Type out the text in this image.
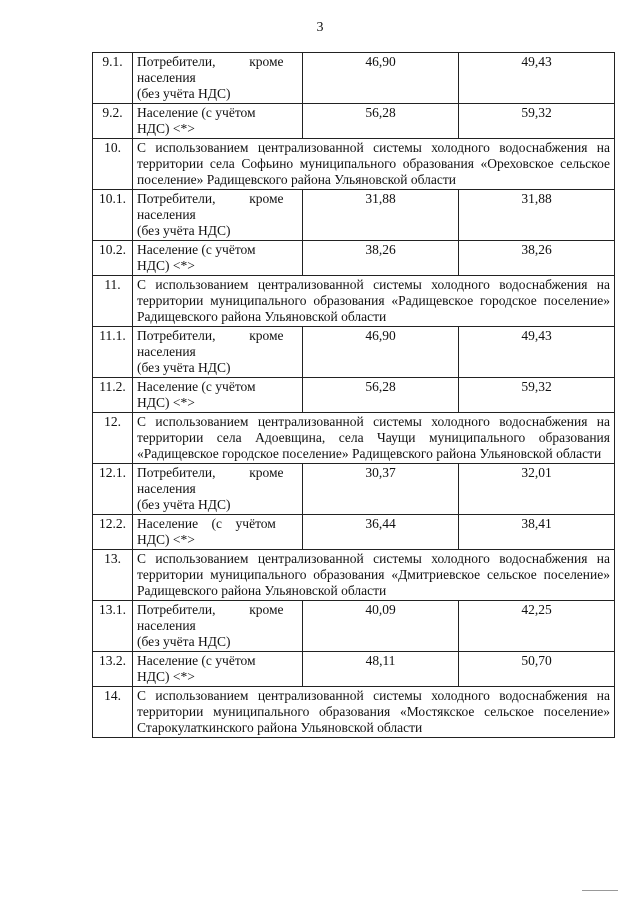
3
9.1.	Потребители,          кроме
населения
(без учёта НДС)	46,90	49,43
9.2.	Население (с учётом
НДС) <*>	56,28	59,32
10.	С использованием централизованной системы холодного водоснабжения на территории села Софьино муниципального образования «Ореховское сельское поселение» Радищевского района Ульяновской области		
10.1.	Потребители,          кроме
населения
(без учёта НДС)	31,88	31,88
10.2.	Население (с учётом
НДС) <*>	38,26	38,26
11.	С использованием централизованной системы холодного водоснабжения на территории муниципального образования «Радищевское городское поселение» Радищевского района Ульяновской области		
11.1.	Потребители,          кроме
населения
(без учёта НДС)	46,90	49,43
11.2.	Население (с учётом
НДС) <*>	56,28	59,32
12.	С использованием централизованной системы холодного водоснабжения на территории села Адоевщина, села Чаущи муниципального образования «Радищевское городское поселение» Радищевского района Ульяновской области		
12.1.	Потребители,          кроме
населения
(без учёта НДС)	30,37	32,01
12.2.	Население    (с    учётом
НДС) <*>	36,44	38,41
13.	С использованием централизованной системы холодного водоснабжения на территории муниципального образования «Дмитриевское сельское поселение» Радищевского района Ульяновской области		
13.1.	Потребители,          кроме
населения
(без учёта НДС)	40,09	42,25
13.2.	Население (с учётом
НДС) <*>	48,11	50,70
14.	С использованием централизованной системы холодного водоснабжения на территории муниципального образования «Мостякское сельское поселение» Старокулаткинского района Ульяновской области		
